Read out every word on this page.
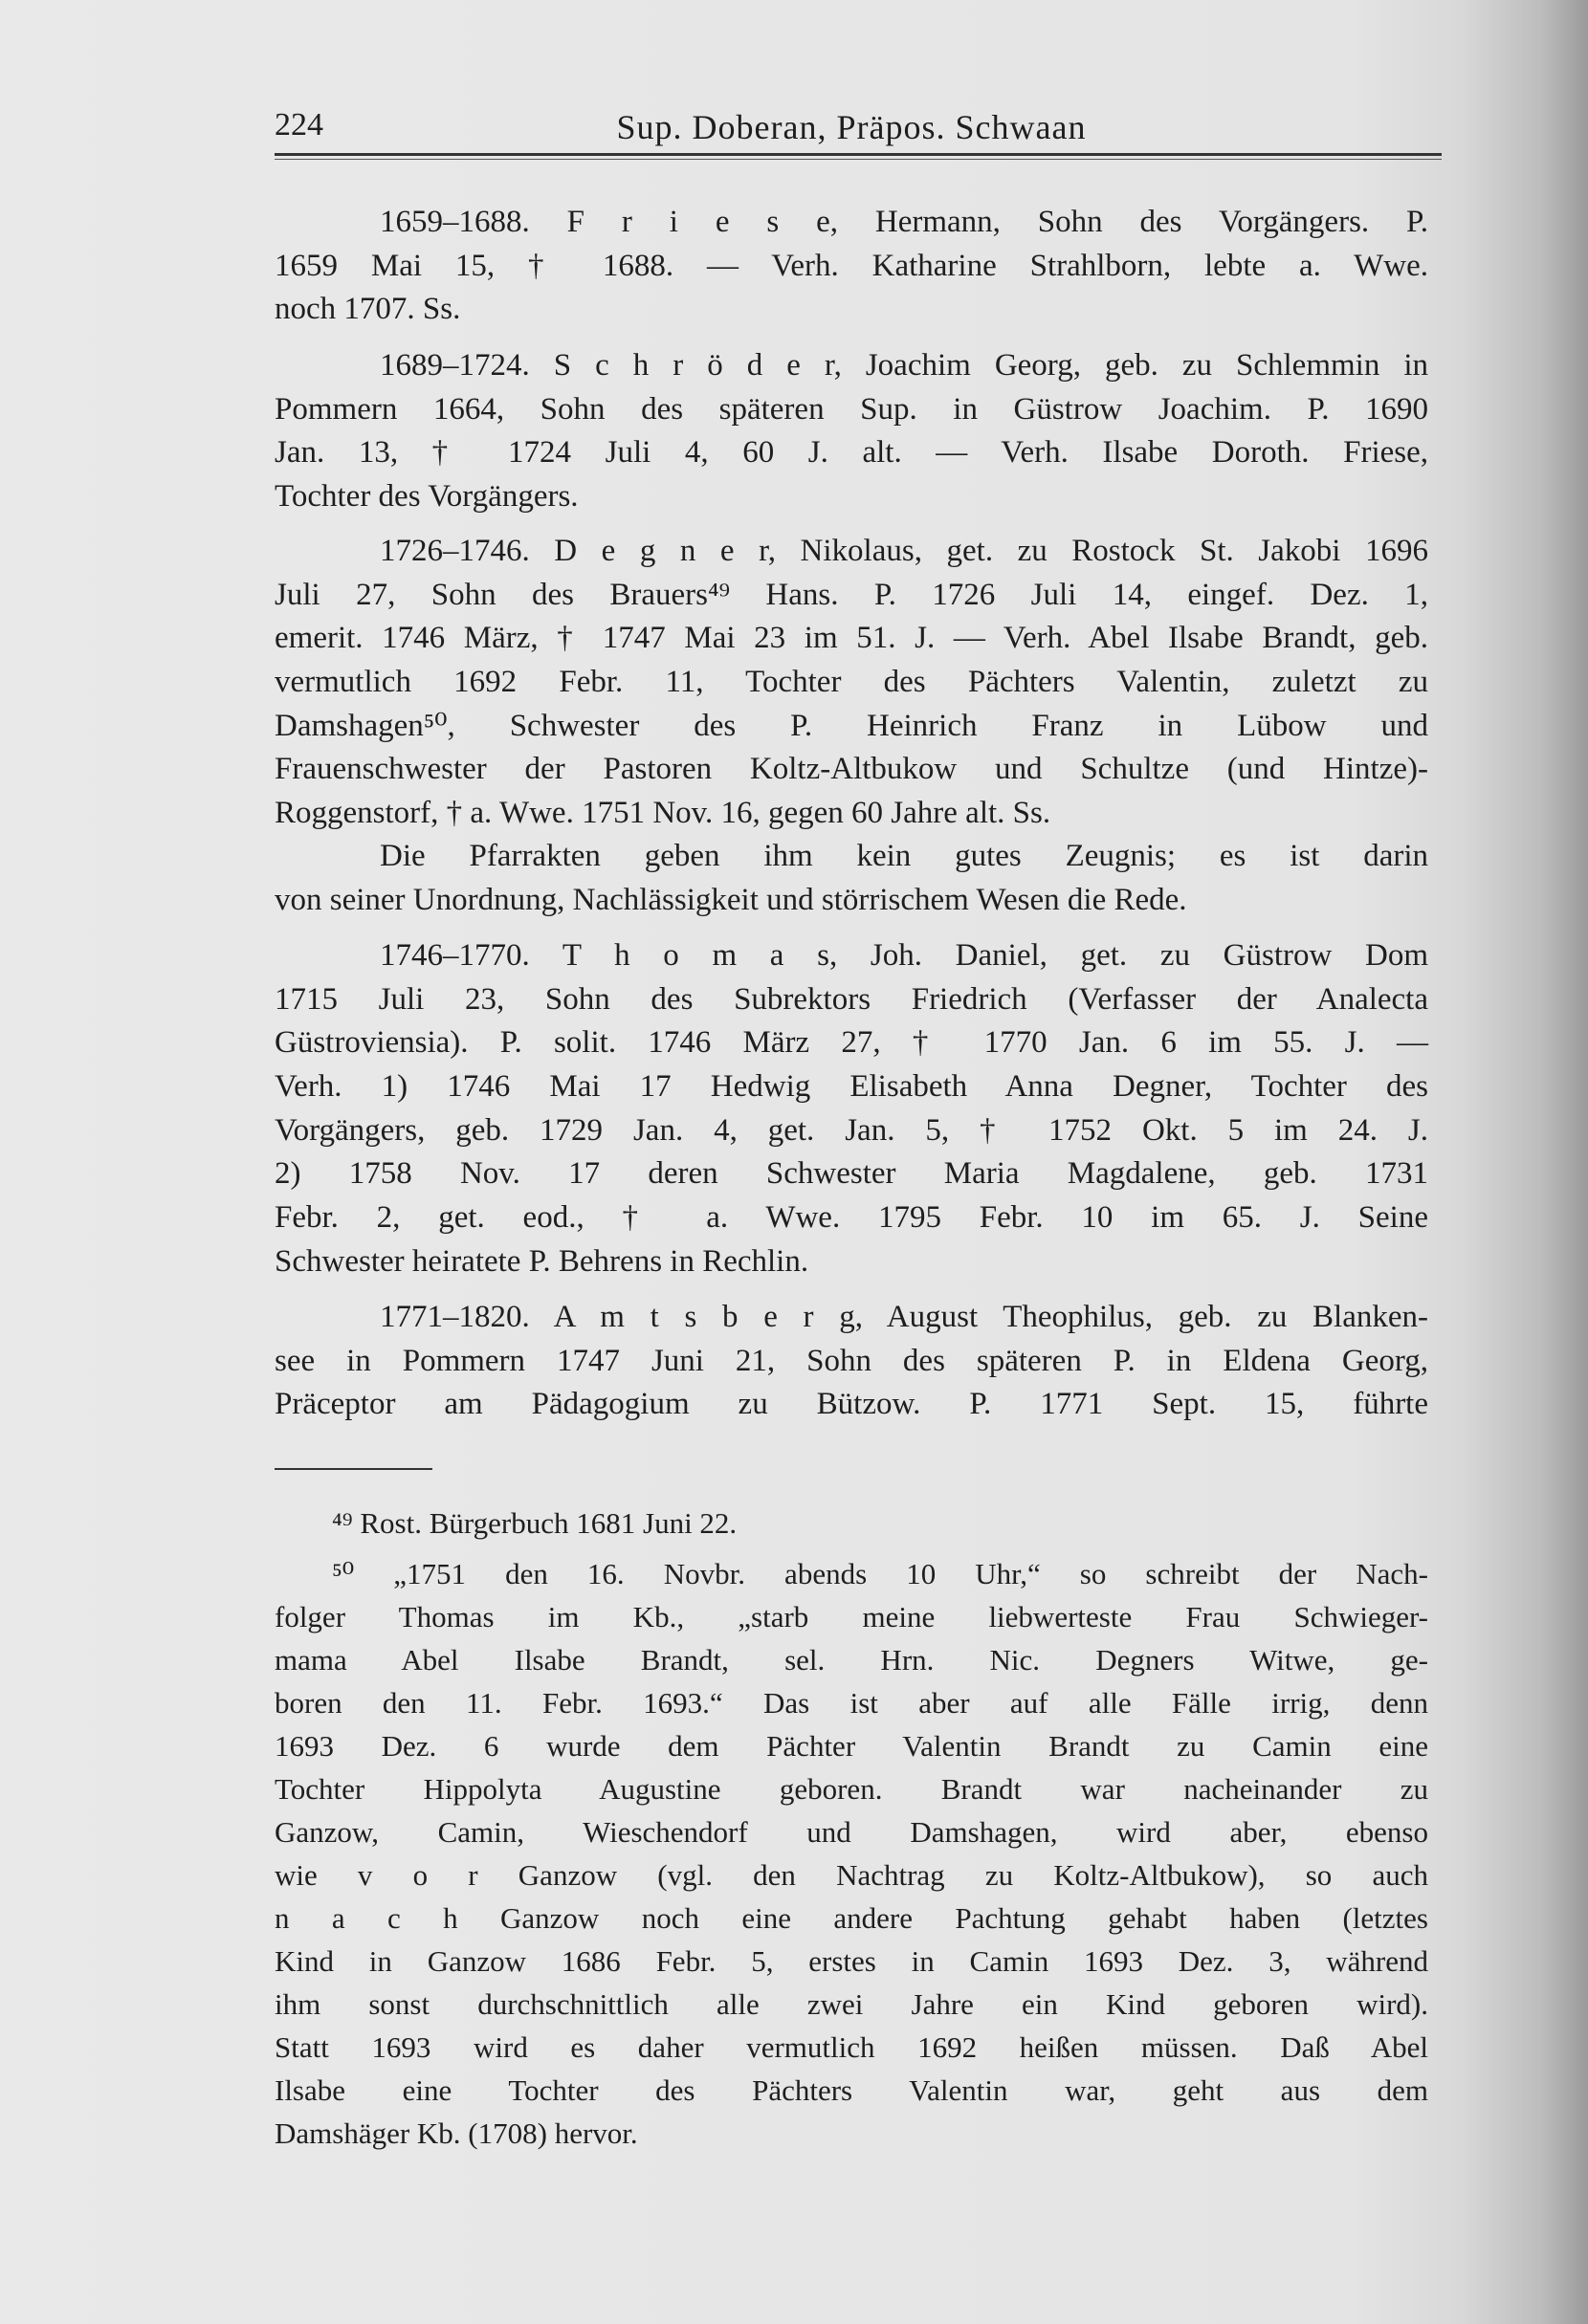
224	Sup. Doberan, Präpos. Schwaan
1659–1688. F r i e s e, Hermann, Sohn des Vorgängers. P.
1659 Mai 15, † 1688. — Verh. Katharine Strahlborn, lebte a. Wwe.
noch 1707. Ss.
1689–1724. S c h r ö d e r, Joachim Georg, geb. zu Schlemmin in
Pommern 1664, Sohn des späteren Sup. in Güstrow Joachim. P. 1690
Jan. 13, † 1724 Juli 4, 60 J. alt. — Verh. Ilsabe Doroth. Friese,
Tochter des Vorgängers.
1726–1746. D e g n e r, Nikolaus, get. zu Rostock St. Jakobi 1696
Juli 27, Sohn des Brauers⁴⁹ Hans. P. 1726 Juli 14, eingef. Dez. 1,
emerit. 1746 März, † 1747 Mai 23 im 51. J. — Verh. Abel Ilsabe Brandt, geb.
vermutlich 1692 Febr. 11, Tochter des Pächters Valentin, zuletzt zu
Damshagen⁵⁰, Schwester des P. Heinrich Franz in Lübow und
Frauenschwester der Pastoren Koltz-Altbukow und Schultze (und Hintze)-
Roggenstorf, † a. Wwe. 1751 Nov. 16, gegen 60 Jahre alt. Ss.
Die Pfarrakten geben ihm kein gutes Zeugnis; es ist darin
von seiner Unordnung, Nachlässigkeit und störrischem Wesen die Rede.
1746–1770. T h o m a s, Joh. Daniel, get. zu Güstrow Dom
1715 Juli 23, Sohn des Subrektors Friedrich (Verfasser der Analecta
Güstroviensia). P. solit. 1746 März 27, † 1770 Jan. 6 im 55. J. —
Verh. 1) 1746 Mai 17 Hedwig Elisabeth Anna Degner, Tochter des
Vorgängers, geb. 1729 Jan. 4, get. Jan. 5, † 1752 Okt. 5 im 24. J.
2) 1758 Nov. 17 deren Schwester Maria Magdalene, geb. 1731
Febr. 2, get. eod., † a. Wwe. 1795 Febr. 10 im 65. J. Seine
Schwester heiratete P. Behrens in Rechlin.
1771–1820. A m t s b e r g, August Theophilus, geb. zu Blanken-
see in Pommern 1747 Juni 21, Sohn des späteren P. in Eldena Georg,
Präceptor am Pädagogium zu Bützow. P. 1771 Sept. 15, führte
⁴⁹ Rost. Bürgerbuch 1681 Juni 22.
⁵⁰ „1751 den 16. Novbr. abends 10 Uhr,“ so schreibt der Nach-
folger Thomas im Kb., „starb meine liebwerteste Frau Schwieger-
mama Abel Ilsabe Brandt, sel. Hrn. Nic. Degners Witwe, ge-
boren den 11. Febr. 1693.“ Das ist aber auf alle Fälle irrig, denn
1693 Dez. 6 wurde dem Pächter Valentin Brandt zu Camin eine
Tochter Hippolyta Augustine geboren. Brandt war nacheinander zu
Ganzow, Camin, Wieschendorf und Damshagen, wird aber, ebenso
wie v o r Ganzow (vgl. den Nachtrag zu Koltz-Altbukow), so auch
n a c h Ganzow noch eine andere Pachtung gehabt haben (letztes
Kind in Ganzow 1686 Febr. 5, erstes in Camin 1693 Dez. 3, während
ihm sonst durchschnittlich alle zwei Jahre ein Kind geboren wird).
Statt 1693 wird es daher vermutlich 1692 heißen müssen. Daß Abel
Ilsabe eine Tochter des Pächters Valentin war, geht aus dem
Damshäger Kb. (1708) hervor.
